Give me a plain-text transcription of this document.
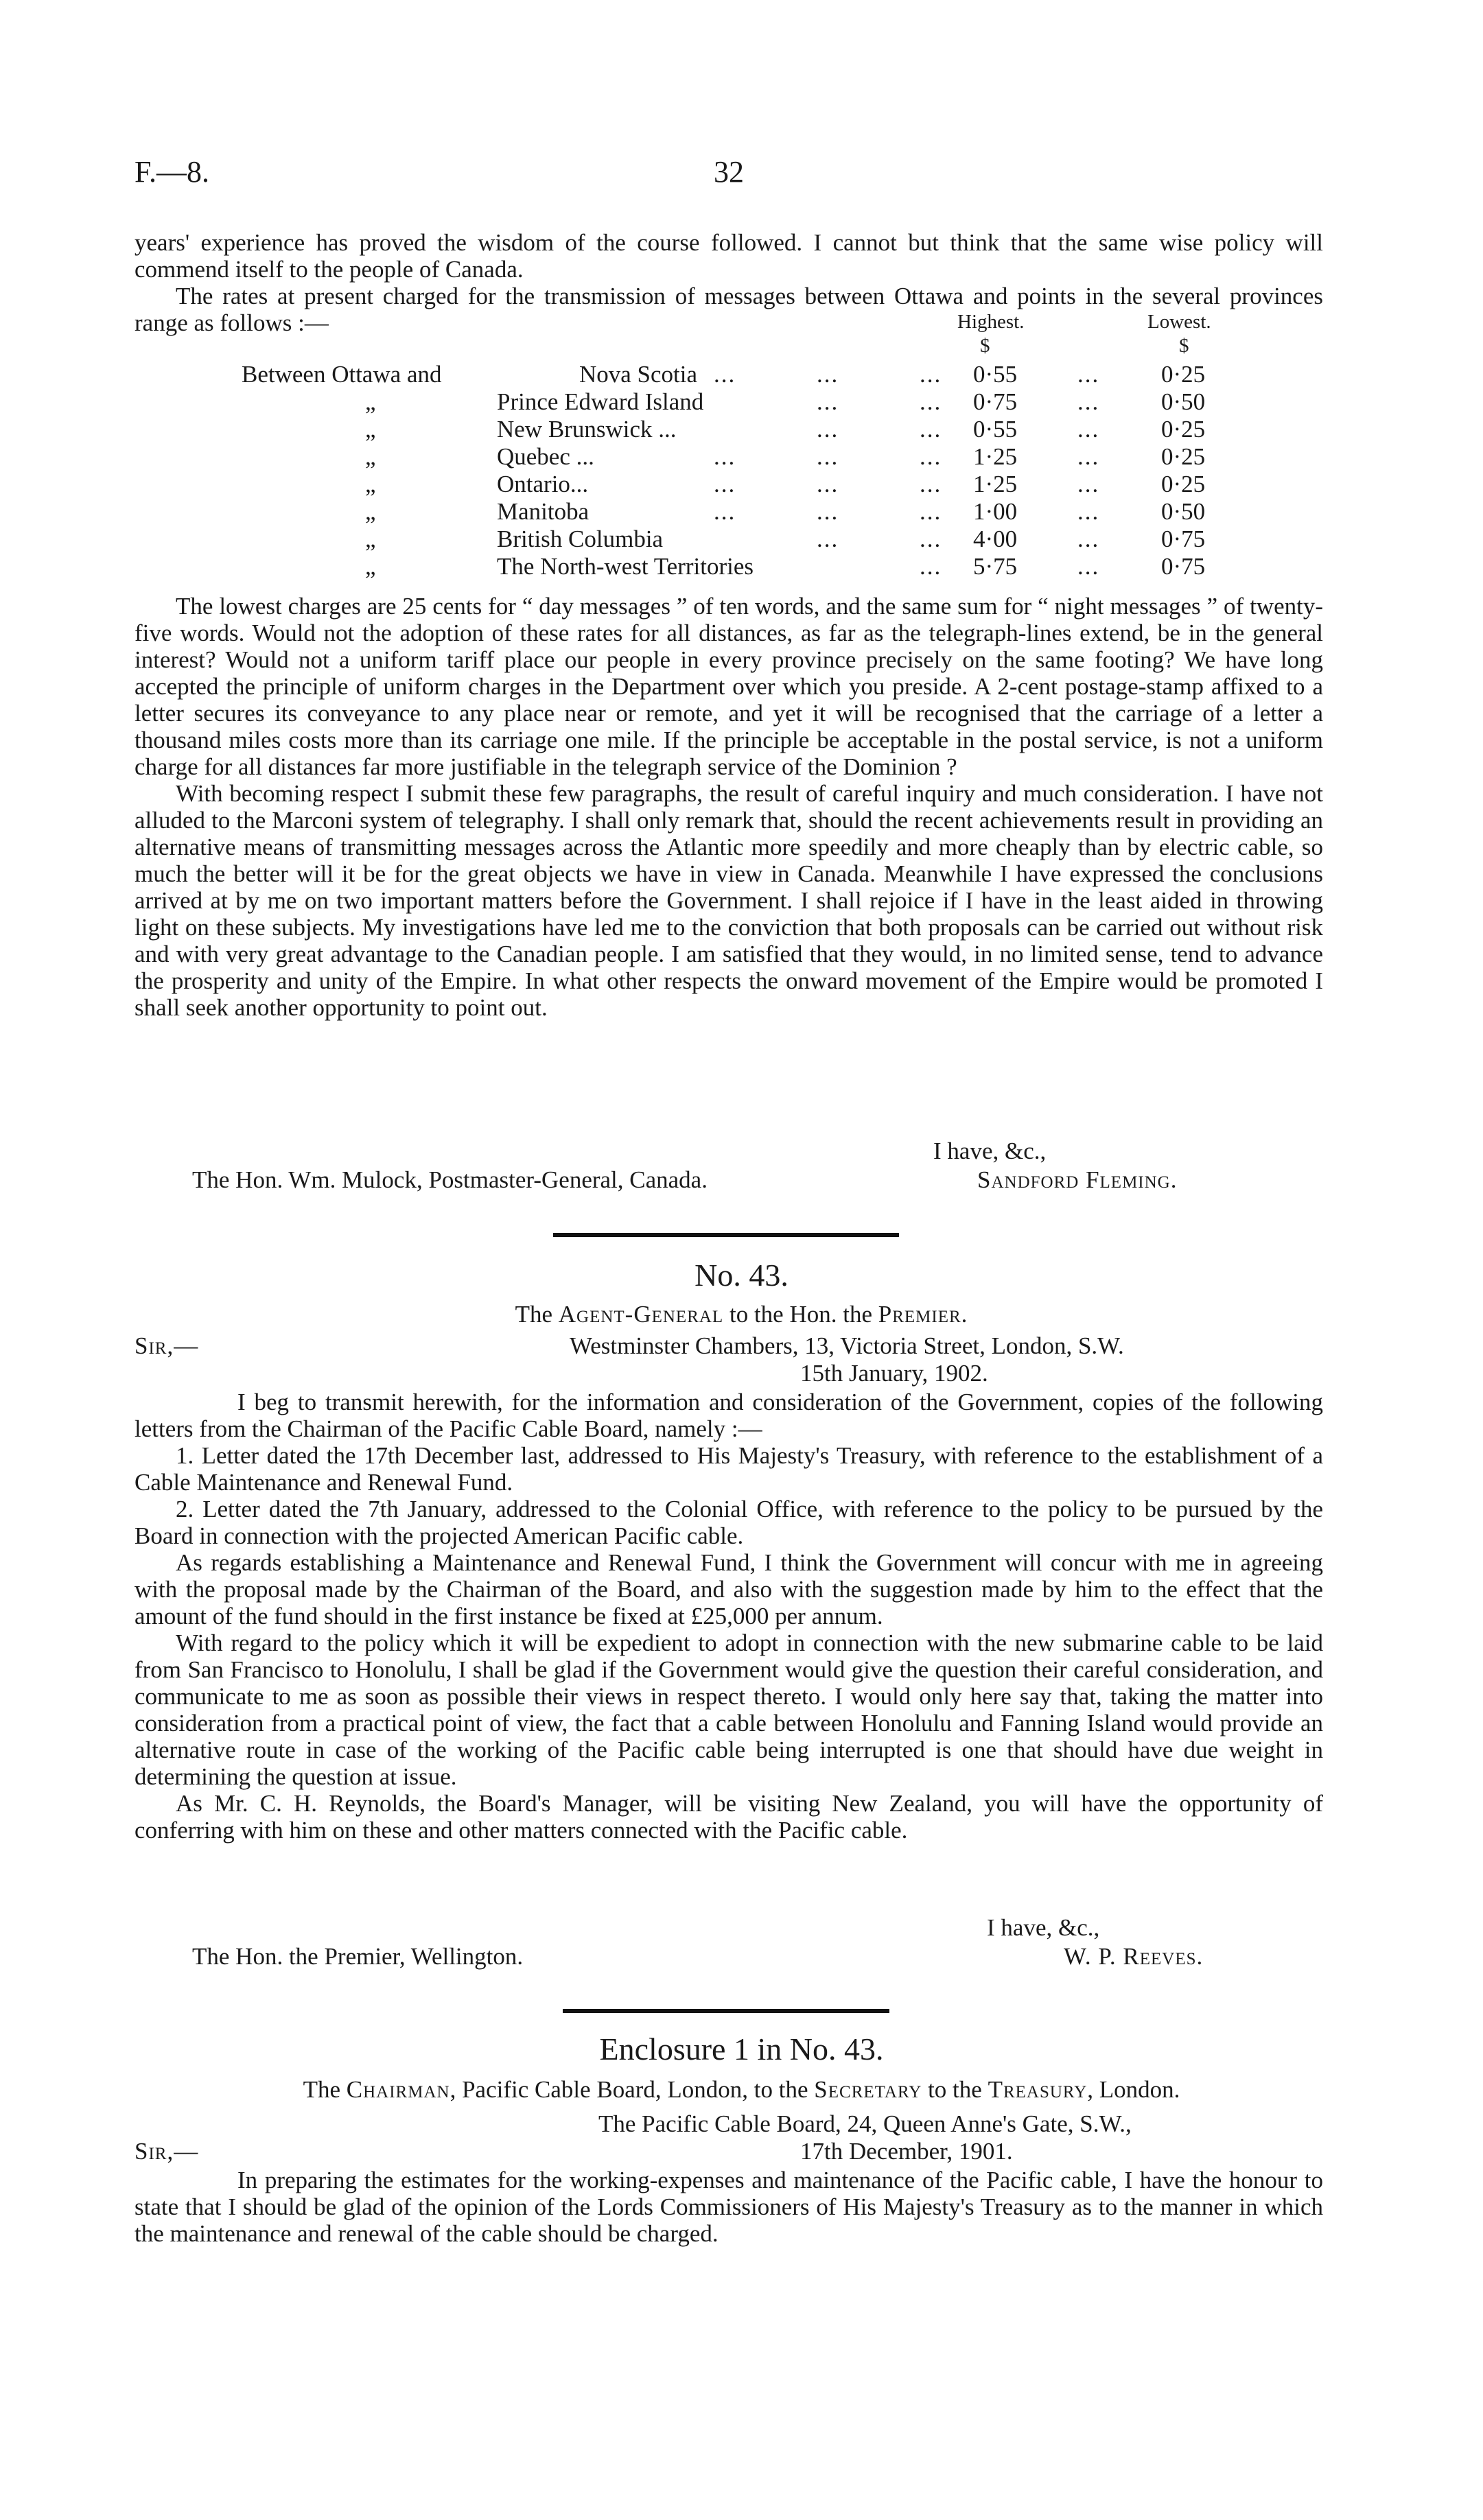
F.—8.	32

years' experience has proved the wisdom of the course followed. I cannot but think that the same wise policy will commend itself to the people of Canada.

The rates at present charged for the transmission of messages between Ottawa and points in the several provinces range as follows :—	Highest.	Lowest.
$	$
Between Ottawa and	Nova Scotia ...	...	... 0·55	...	0·25
„	Prince Edward Island	...	... 0·75	...	0·50
„	New Brunswick ...	...	... 0·55	...	0·25
„	Quebec ...	...	...	... 1·25	...	0·25
„	Ontario...	...	...	... 1·25	...	0·25
„	Manitoba	...	...	... 1·00	...	0·50
„	British Columbia	...	... 4·00	...	0·75
„	The North-west Territories	... 5·75	...	0·75

The lowest charges are 25 cents for “ day messages ” of ten words, and the same sum for “ night messages ” of twenty-five words. Would not the adoption of these rates for all distances, as far as the telegraph-lines extend, be in the general interest? Would not a uniform tariff place our people in every province precisely on the same footing? We have long accepted the principle of uniform charges in the Department over which you preside. A 2-cent postage-stamp affixed to a letter secures its conveyance to any place near or remote, and yet it will be recognised that the carriage of a letter a thousand miles costs more than its carriage one mile. If the principle be acceptable in the postal service, is not a uniform charge for all distances far more justifiable in the telegraph service of the Dominion ?

With becoming respect I submit these few paragraphs, the result of careful inquiry and much consideration. I have not alluded to the Marconi system of telegraphy. I shall only remark that, should the recent achievements result in providing an alternative means of transmitting messages across the Atlantic more speedily and more cheaply than by electric cable, so much the better will it be for the great objects we have in view in Canada. Meanwhile I have expressed the conclusions arrived at by me on two important matters before the Government. I shall rejoice if I have in the least aided in throwing light on these subjects. My investigations have led me to the conviction that both proposals can be carried out without risk and with very great advantage to the Canadian people. I am satisfied that they would, in no limited sense, tend to advance the prosperity and unity of the Empire. In what other respects the onward movement of the Empire would be promoted I shall seek another opportunity to point out.

I have, &c.,
The Hon. Wm. Mulock, Postmaster-General, Canada.	Sandford Fleming.
No. 43.
The Agent-General to the Hon. the Premier.
Sir,—	Westminster Chambers, 13, Victoria Street, London, S.W.
15th January, 1902.

I beg to transmit herewith, for the information and consideration of the Government, copies of the following letters from the Chairman of the Pacific Cable Board, namely :—

1. Letter dated the 17th December last, addressed to His Majesty's Treasury, with reference to the establishment of a Cable Maintenance and Renewal Fund.

2. Letter dated the 7th January, addressed to the Colonial Office, with reference to the policy to be pursued by the Board in connection with the projected American Pacific cable.

As regards establishing a Maintenance and Renewal Fund, I think the Government will concur with me in agreeing with the proposal made by the Chairman of the Board, and also with the suggestion made by him to the effect that the amount of the fund should in the first instance be fixed at £25,000 per annum.

With regard to the policy which it will be expedient to adopt in connection with the new submarine cable to be laid from San Francisco to Honolulu, I shall be glad if the Government would give the question their careful consideration, and communicate to me as soon as possible their views in respect thereto. I would only here say that, taking the matter into consideration from a practical point of view, the fact that a cable between Honolulu and Fanning Island would provide an alternative route in case of the working of the Pacific cable being interrupted is one that should have due weight in determining the question at issue.

As Mr. C. H. Reynolds, the Board's Manager, will be visiting New Zealand, you will have the opportunity of conferring with him on these and other matters connected with the Pacific cable.

I have, &c.,
The Hon. the Premier, Wellington.	W. P. Reeves.
Enclosure 1 in No. 43.
The Chairman, Pacific Cable Board, London, to the Secretary to the Treasury, London.
The Pacific Cable Board, 24, Queen Anne's Gate, S.W.,
Sir,—	17th December, 1901.

In preparing the estimates for the working-expenses and maintenance of the Pacific cable, I have the honour to state that I should be glad of the opinion of the Lords Commissioners of His Majesty's Treasury as to the manner in which the maintenance and renewal of the cable should be charged.
